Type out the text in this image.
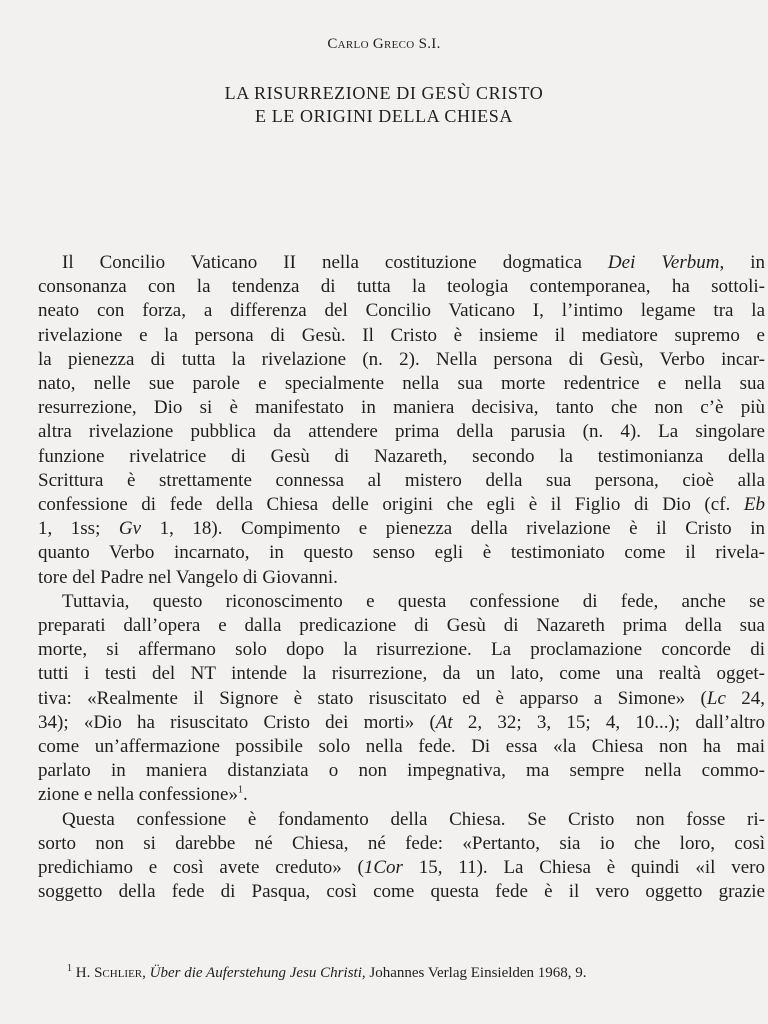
Carlo Greco S.I.

LA RISURREZIONE DI GESÙ CRISTO
E LE ORIGINI DELLA CHIESA
Il Concilio Vaticano II nella costituzione dogmatica Dei Verbum, in
consonanza con la tendenza di tutta la teologia contemporanea, ha sottoli-
neato con forza, a differenza del Concilio Vaticano I, l’intimo legame tra la
rivelazione e la persona di Gesù. Il Cristo è insieme il mediatore supremo e
la pienezza di tutta la rivelazione (n. 2). Nella persona di Gesù, Verbo incar-
nato, nelle sue parole e specialmente nella sua morte redentrice e nella sua
resurrezione, Dio si è manifestato in maniera decisiva, tanto che non c’è più
altra rivelazione pubblica da attendere prima della parusia (n. 4). La singolare
funzione rivelatrice di Gesù di Nazareth, secondo la testimonianza della
Scrittura è strettamente connessa al mistero della sua persona, cioè alla
confessione di fede della Chiesa delle origini che egli è il Figlio di Dio (cf. Eb
1, 1ss; Gv 1, 18). Compimento e pienezza della rivelazione è il Cristo in
quanto Verbo incarnato, in questo senso egli è testimoniato come il rivela-
tore del Padre nel Vangelo di Giovanni.
Tuttavia, questo riconoscimento e questa confessione di fede, anche se
preparati dall’opera e dalla predicazione di Gesù di Nazareth prima della sua
morte, si affermano solo dopo la risurrezione. La proclamazione concorde di
tutti i testi del NT intende la risurrezione, da un lato, come una realtà ogget-
tiva: «Realmente il Signore è stato risuscitato ed è apparso a Simone» (Lc 24,
34); «Dio ha risuscitato Cristo dei morti» (At 2, 32; 3, 15; 4, 10...); dall’altro
come un’affermazione possibile solo nella fede. Di essa «la Chiesa non ha mai
parlato in maniera distanziata o non impegnativa, ma sempre nella commo-
zione e nella confessione»$^1$.
Questa confessione è fondamento della Chiesa. Se Cristo non fosse ri-
sorto non si darebbe né Chiesa, né fede: «Pertanto, sia io che loro, così
predichiamo e così avete creduto» (1Cor 15, 11). La Chiesa è quindi «il vero
soggetto della fede di Pasqua, così come questa fede è il vero oggetto grazie
$^1$ H. Schlier, Über die Auferstehung Jesu Christi, Johannes Verlag Einsielden 1968, 9.
